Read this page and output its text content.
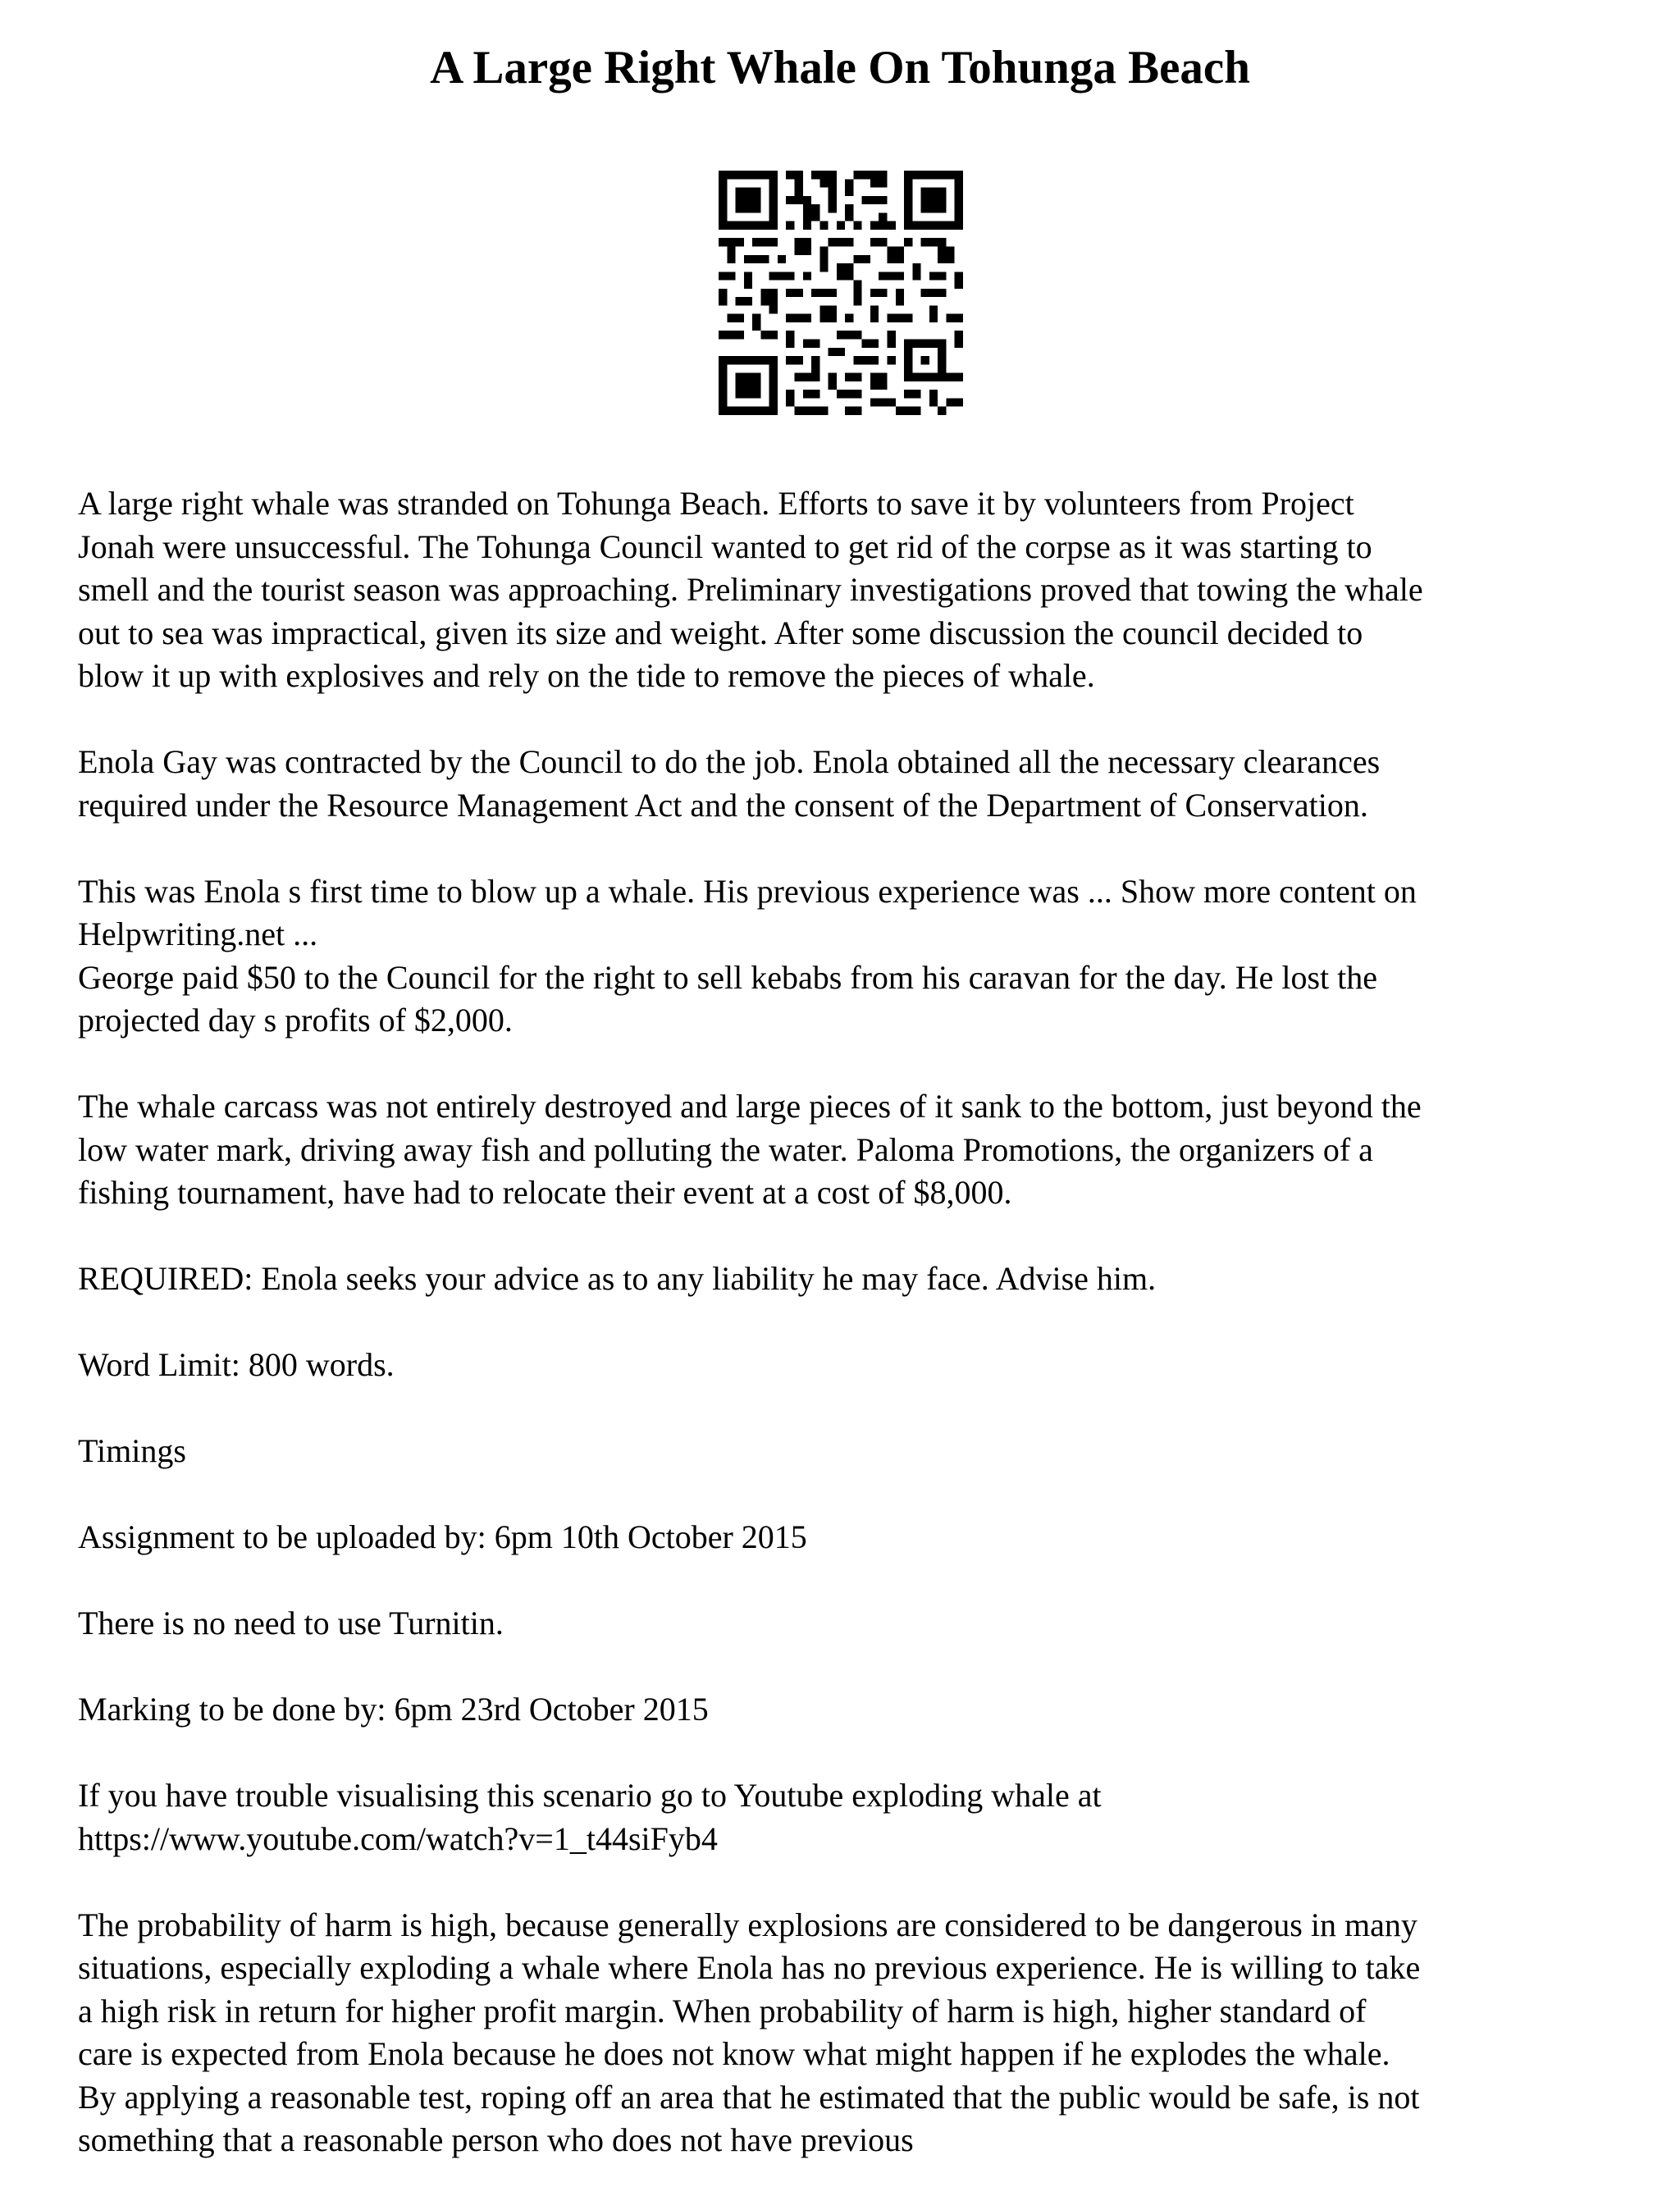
A Large Right Whale On Tohunga Beach

A large right whale was stranded on Tohunga Beach. Efforts to save it by volunteers from Project
Jonah were unsuccessful. The Tohunga Council wanted to get rid of the corpse as it was starting to
smell and the tourist season was approaching. Preliminary investigations proved that towing the whale
out to sea was impractical, given its size and weight. After some discussion the council decided to
blow it up with explosives and rely on the tide to remove the pieces of whale.

Enola Gay was contracted by the Council to do the job. Enola obtained all the necessary clearances
required under the Resource Management Act and the consent of the Department of Conservation.

This was Enola s first time to blow up a whale. His previous experience was ... Show more content on
Helpwriting.net ...

George paid $50 to the Council for the right to sell kebabs from his caravan for the day. He lost the
projected day s profits of $2,000.

The whale carcass was not entirely destroyed and large pieces of it sank to the bottom, just beyond the
low water mark, driving away fish and polluting the water. Paloma Promotions, the organizers of a
fishing tournament, have had to relocate their event at a cost of $8,000.

REQUIRED: Enola seeks your advice as to any liability he may face. Advise him.

Word Limit: 800 words.

Timings

Assignment to be uploaded by: 6pm 10th October 2015

There is no need to use Turnitin.

Marking to be done by: 6pm 23rd October 2015

If you have trouble visualising this scenario go to Youtube exploding whale at
https://www.youtube.com/watch?v=1_t44siFyb4

The probability of harm is high, because generally explosions are considered to be dangerous in many
situations, especially exploding a whale where Enola has no previous experience. He is willing to take
a high risk in return for higher profit margin. When probability of harm is high, higher standard of
care is expected from Enola because he does not know what might happen if he explodes the whale.
By applying a reasonable test, roping off an area that he estimated that the public would be safe, is not
something that a reasonable person who does not have previous
